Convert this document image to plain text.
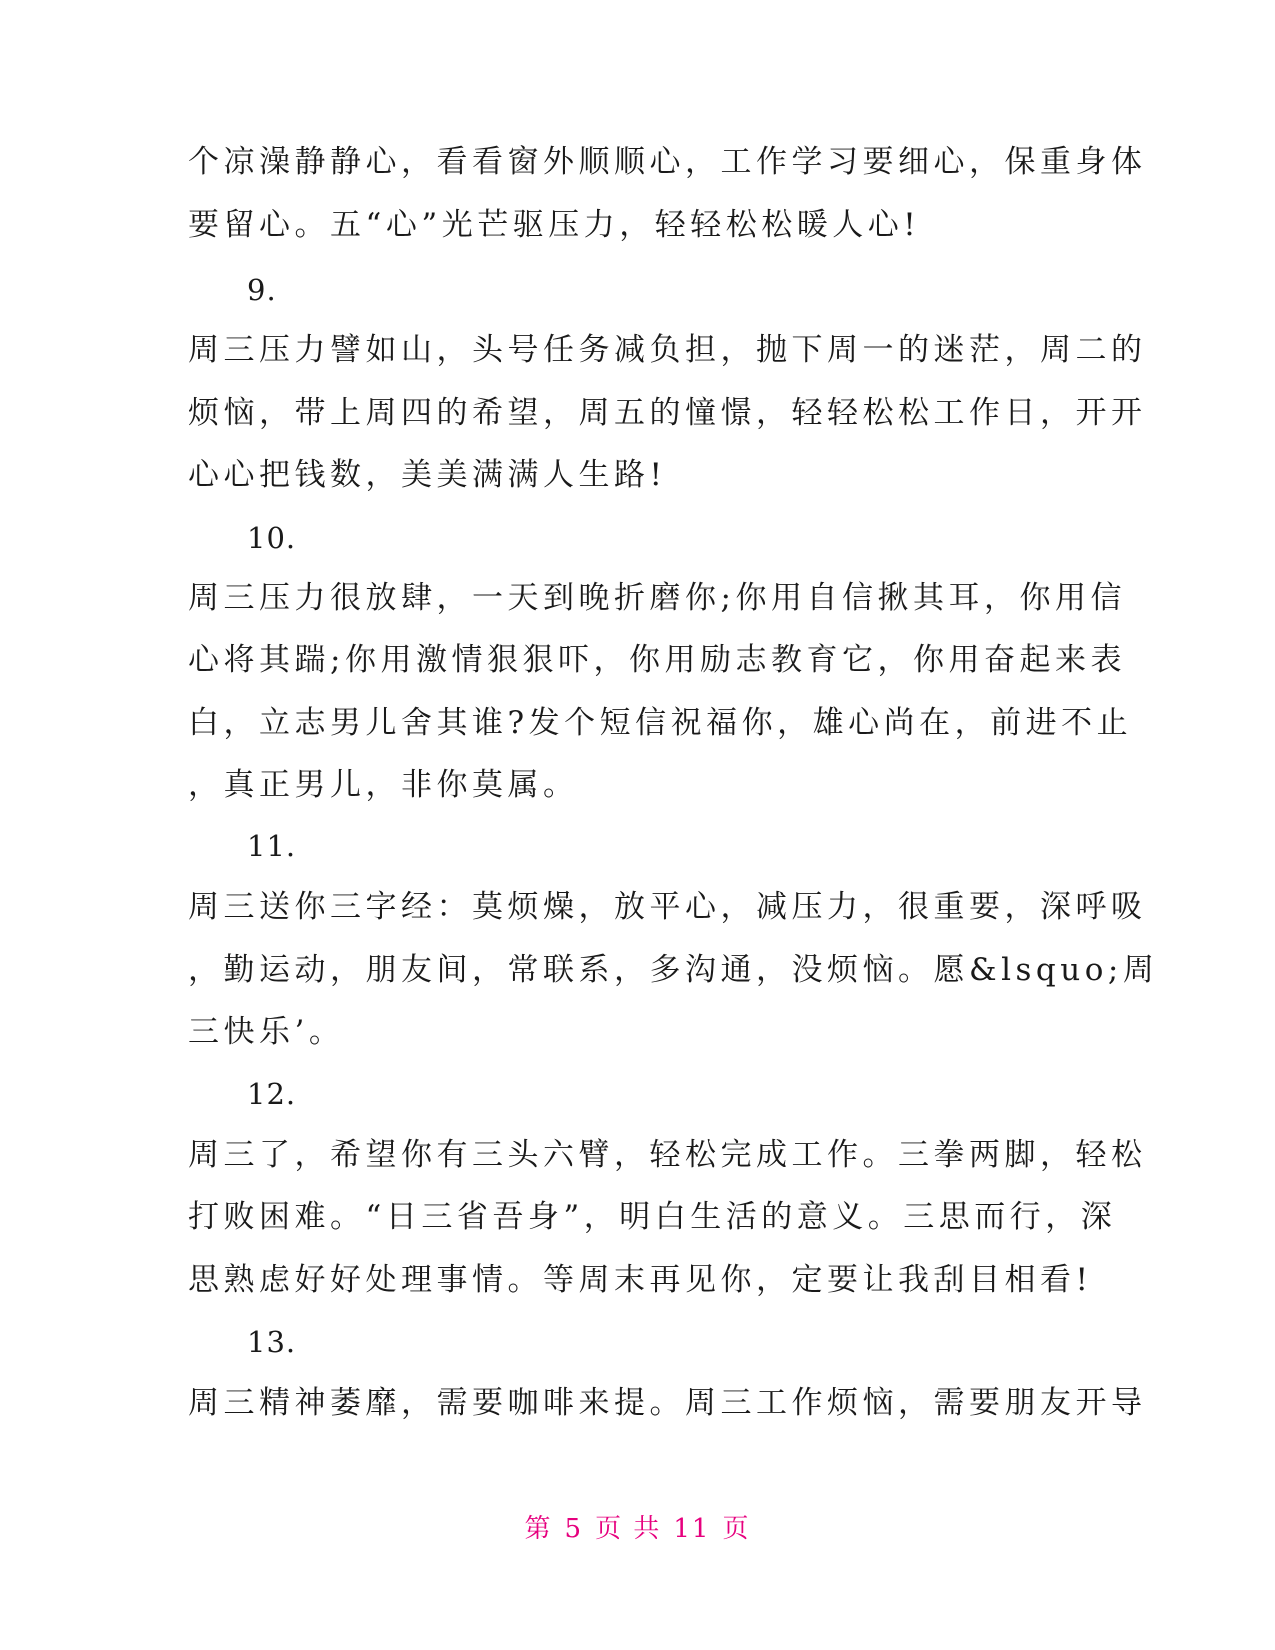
个凉澡静静心，看看窗外顺顺心，工作学习要细心，保重身体
要留心。五“心”光芒驱压力，轻轻松松暖人心!
9.
周三压力譬如山，头号任务减负担，抛下周一的迷茫，周二的
烦恼，带上周四的希望，周五的憧憬，轻轻松松工作日，开开
心心把钱数，美美满满人生路!
10.
周三压力很放肆，一天到晚折磨你;你用自信揪其耳，你用信
心将其踹;你用激情狠狠吓，你用励志教育它，你用奋起来表
白，立志男儿舍其谁?发个短信祝福你，雄心尚在，前进不止
，真正男儿，非你莫属。
11.
周三送你三字经：莫烦燥，放平心，减压力，很重要，深呼吸
，勤运动，朋友间，常联系，多沟通，没烦恼。愿&lsquo;周
三快乐’。
12.
周三了，希望你有三头六臂，轻松完成工作。三拳两脚，轻松
打败困难。“日三省吾身”，明白生活的意义。三思而行，深
思熟虑好好处理事情。等周末再见你，定要让我刮目相看!
13.
周三精神萎靡，需要咖啡来提。周三工作烦恼，需要朋友开导
第 5 页 共 11 页
